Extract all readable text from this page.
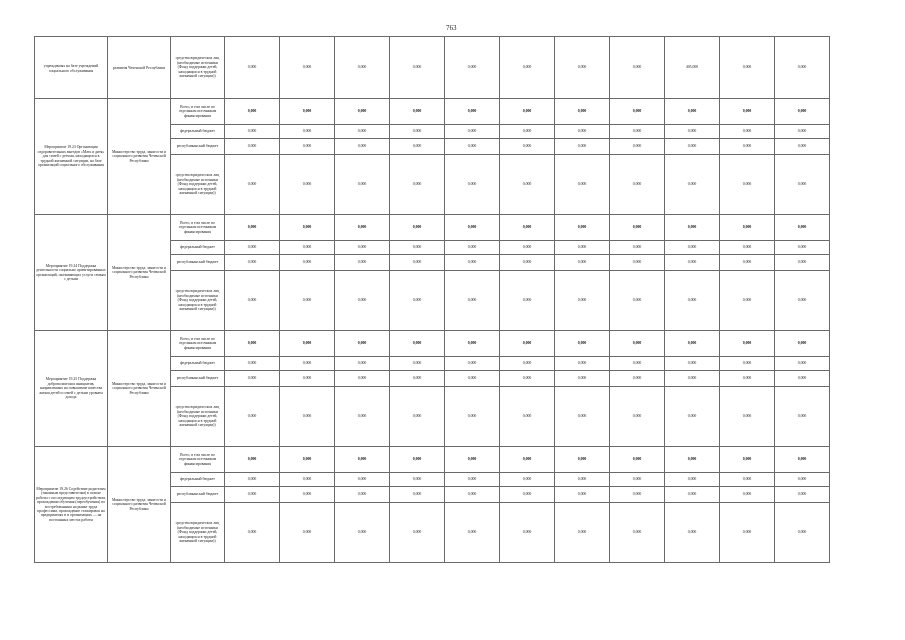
763
учреждениях на базе учреждений социального обслуживания	развития Чеченской Республики	средства юридических лиц (необходимые источники (Фонд поддержки детей, находящихся в трудной жизненной ситуации))	0,000	0,000	0,000	0,000	0,000	0,000	0,000	0,000	405,000	0,000	0,000
Мероприятие 19.23 Организация оздоровительных выездов «Мать и дитя» для семей с детьми, находящихся в трудной жизненной ситуации, на базе организаций социального обслуживания	Министерство труда, занятости и социального развития Чеченской Республики	Всего, в том числе по отдельным источникам финансирования	0,000	0,000	0,000	0,000	0,000	0,000	0,000	0,000	0,000	0,000	0,000
		федеральный бюджет	0,000	0,000	0,000	0,000	0,000	0,000	0,000	0,000	0,000	0,000	0,000
		республиканский бюджет	0,000	0,000	0,000	0,000	0,000	0,000	0,000	0,000	0,000	0,000	0,000
		средства юридических лиц (необходимые источники (Фонд поддержки детей, находящихся в трудной жизненной ситуации))	0,000	0,000	0,000	0,000	0,000	0,000	0,000	0,000	0,000	0,000	0,000
Мероприятие 19.24 Поддержка деятельности социально ориентированных организаций, оказывающих услуги семьям с детьми	Министерство труда, занятости и социального развития Чеченской Республики	Всего, в том числе по отдельным источникам финансирования	0,000	0,000	0,000	0,000	0,000	0,000	0,000	0,000	0,000	0,000	0,000
		федеральный бюджет	0,000	0,000	0,000	0,000	0,000	0,000	0,000	0,000	0,000	0,000	0,000
		республиканский бюджет	0,000	0,000	0,000	0,000	0,000	0,000	0,000	0,000	0,000	0,000	0,000
		средства юридических лиц (необходимые источники (Фонд поддержки детей, находящихся в трудной жизненной ситуации))	0,000	0,000	0,000	0,000	0,000	0,000	0,000	0,000	0,000	0,000	0,000
Мероприятие 19.25 Поддержка добровольческих инициатив, направленных на повышение качества жизни детей и семей с детьми уровнем дохода	Министерство труда, занятости и социального развития Чеченской Республики	Всего, в том числе по отдельным источникам финансирования	0,000	0,000	0,000	0,000	0,000	0,000	0,000	0,000	0,000	0,000	0,000
		федеральный бюджет	0,000	0,000	0,000	0,000	0,000	0,000	0,000	0,000	0,000	0,000	0,000
		республиканский бюджет	0,000	0,000	0,000	0,000	0,000	0,000	0,000	0,000	0,000	0,000	0,000
		средства юридических лиц (необходимые источники (Фонд поддержки детей, находящихся в трудной жизненной ситуации))	0,000	0,000	0,000	0,000	0,000	0,000	0,000	0,000	0,000	0,000	0,000
Мероприятие 19.26 Содействие родителям (законным представителям) в поиске работы с последующим трудоустройством, прохождении обучения (переобучения) по востребованным на рынке труда профессиям, прохождение стажировок на предприятиях и в организациях — на постоянных местах работы	Министерство труда, занятости и социального развития Чеченской Республики	Всего, в том числе по отдельным источникам финансирования	0,000	0,000	0,000	0,000	0,000	0,000	0,000	0,000	0,000	0,000	0,000
		федеральный бюджет	0,000	0,000	0,000	0,000	0,000	0,000	0,000	0,000	0,000	0,000	0,000
		республиканский бюджет	0,000	0,000	0,000	0,000	0,000	0,000	0,000	0,000	0,000	0,000	0,000
		средства юридических лиц (необходимые источники (Фонд поддержки детей, находящихся в трудной жизненной ситуации))	0,000	0,000	0,000	0,000	0,000	0,000	0,000	0,000	0,000	0,000	0,000
